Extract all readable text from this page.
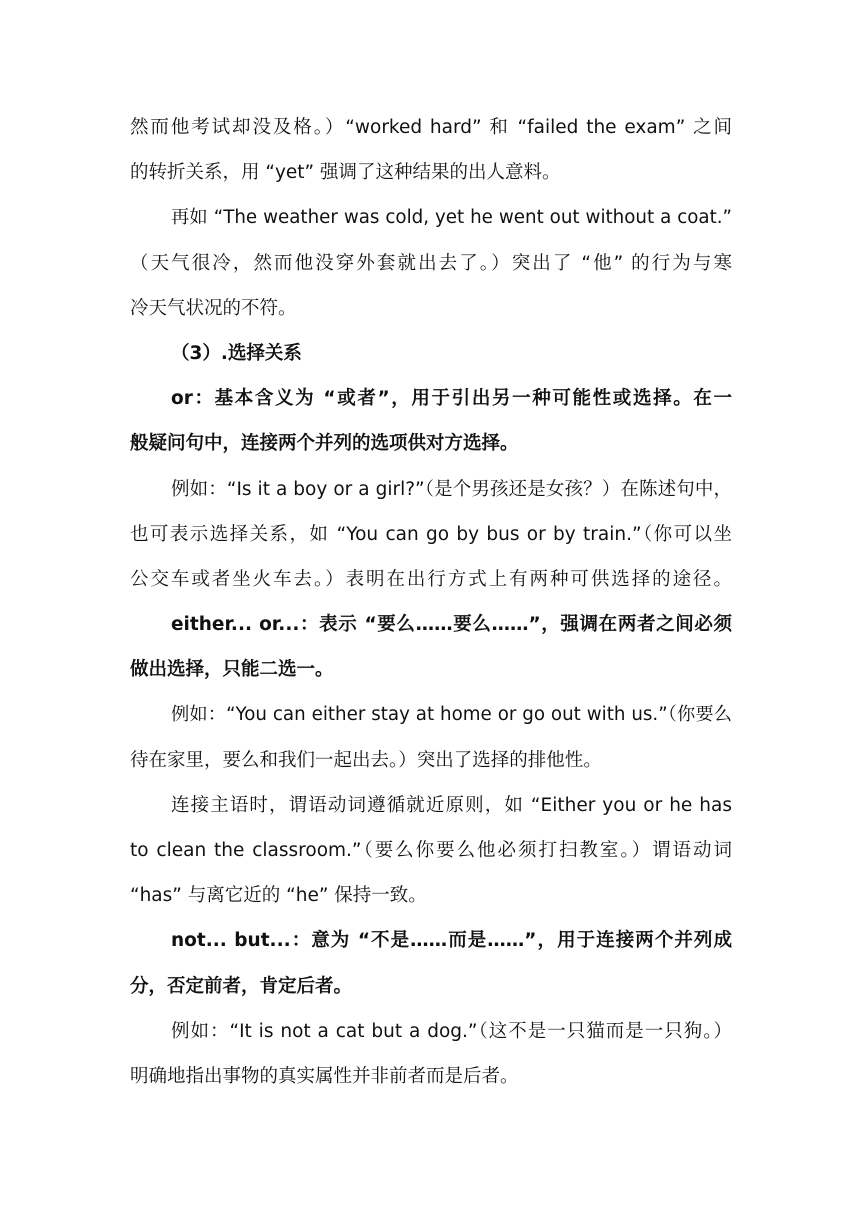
然而他考试却没及格。）“worked hard” 和 “failed the exam” 之间
的转折关系，用 “yet” 强调了这种结果的出人意料。
再如 “The weather was cold, yet he went out without a coat.”
（天气很冷，然而他没穿外套就出去了。）突出了 “他” 的行为与寒
冷天气状况的不符。
（3）.选择关系
or：基本含义为 “或者”，用于引出另一种可能性或选择。在一
般疑问句中，连接两个并列的选项供对方选择。
例如：“Is it a boy or a girl?”（是个男孩还是女孩？）在陈述句中，
也可表示选择关系，如 “You can go by bus or by train.”（你可以坐
公交车或者坐火车去。）表明在出行方式上有两种可供选择的途径。
either... or...：表示 “要么……要么……”，强调在两者之间必须
做出选择，只能二选一。
例如：“You can either stay at home or go out with us.”（你要么
待在家里，要么和我们一起出去。）突出了选择的排他性。
连接主语时，谓语动词遵循就近原则，如 “Either you or he has
to clean the classroom.”（要么你要么他必须打扫教室。）谓语动词
“has” 与离它近的 “he” 保持一致。
not... but...：意为 “不是……而是……”，用于连接两个并列成
分，否定前者，肯定后者。
例如：“It is not a cat but a dog.”（这不是一只猫而是一只狗。）
明确地指出事物的真实属性并非前者而是后者。
